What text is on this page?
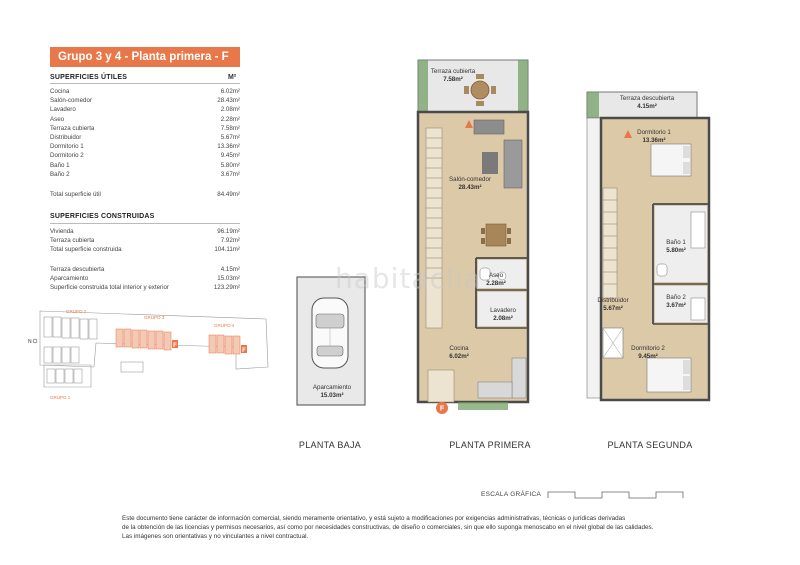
Grupo 3 y 4 - Planta primera - F
SUPERFICIES ÚTILES	M²
Cocina	6.02m²
Salón-comedor	28.43m²
Lavadero	2.08m²
Aseo	2.28m²
Terraza cubierta	7.58m²
Distribuidor	5.67m²
Dormitorio 1	13.36m²
Dormitorio 2	9.45m²
Baño 1	5.80m²
Baño 2	3.67m²
Total superficie útil	84.49m²
SUPERFICIES CONSTRUIDAS
Vivienda	96.19m²
Terraza cubierta	7.92m²
Total superficie construida	104.11m²
Terraza descubierta	4.15m²
Aparcamiento	15.03m²
Superficie construida total interior y exterior	123.29m²
F
F
GRUPO 2
GRUPO 3
GRUPO 4
GRUPO 1
N
Aparcamiento
15.03m²
PLANTA BAJA
F
Terraza cubierta
7.58m²
Salón-comedor
28.43m²
Aseo
2.28m²
Lavadero
2.08m²
Cocina
6.02m²
PLANTA PRIMERA
Terraza descubierta
4.15m²
Dormitorio 1
13.36m²
Baño 1
5.80m²
Distribuidor
5.67m²
Baño 2
3.67m²
Dormitorio 2
9.45m²
PLANTA SEGUNDA
habitaclia
ESCALA GRÁFICA
Este documento tiene carácter de información comercial, siendo meramente orientativo, y está sujeto a modificaciones por exigencias administrativas, técnicas o jurídicas derivadas
de la obtención de las licencias y permisos necesarios, así como por necesidades constructivas, de diseño o comerciales, sin que ello suponga menoscabo en el nivel global de las calidades.
Las imágenes son orientativas y no vinculantes a nivel contractual.
